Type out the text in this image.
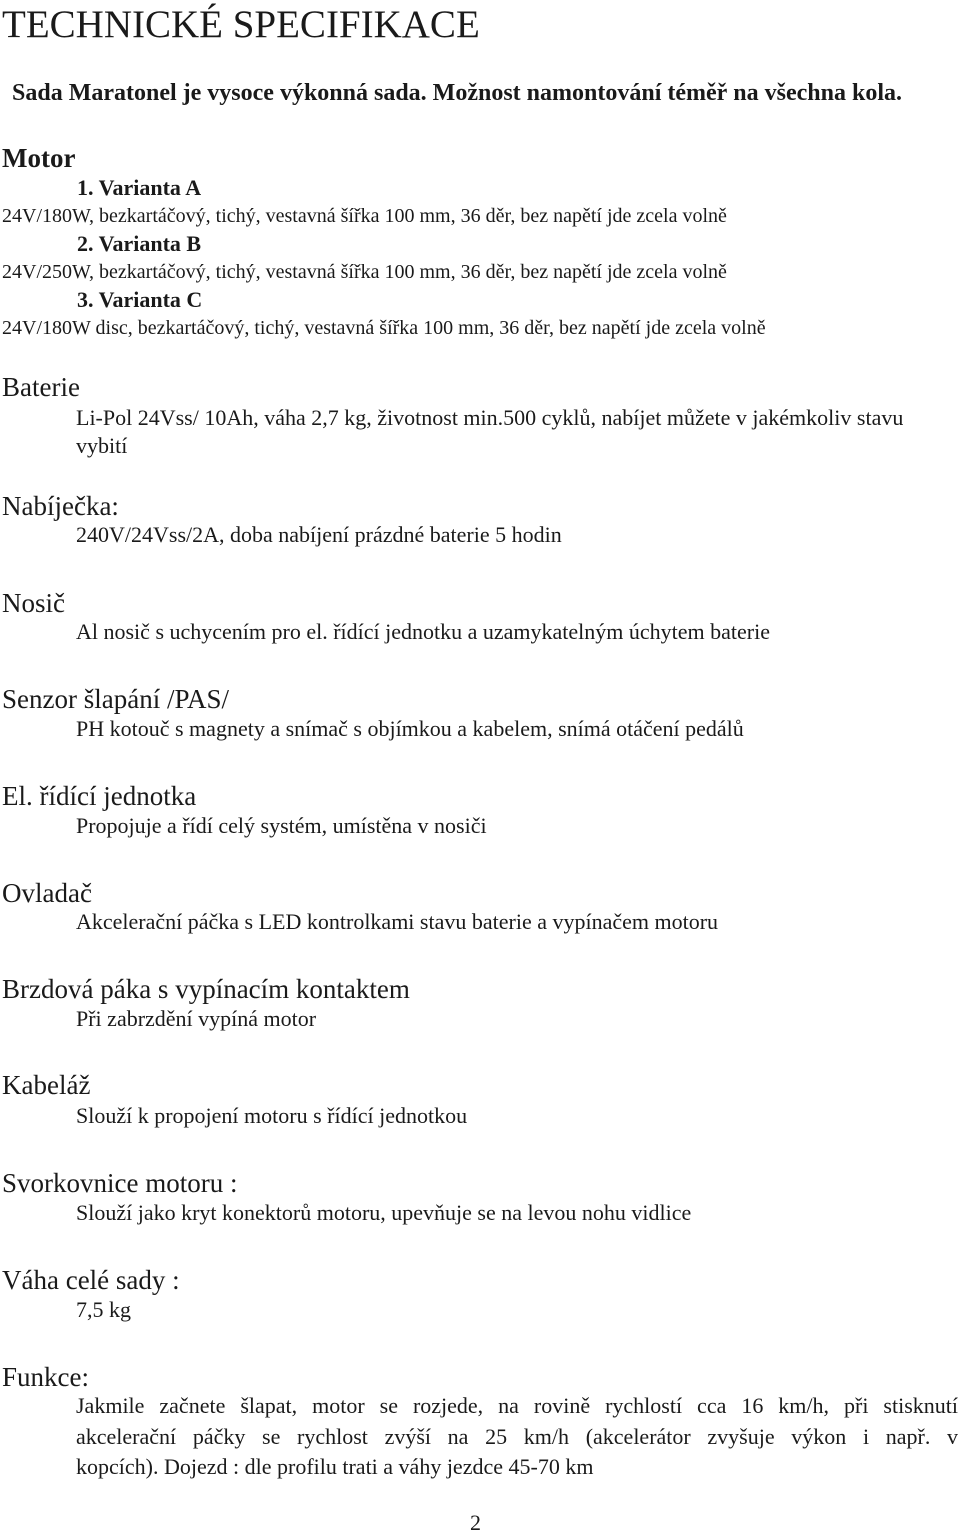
TECHNICKÉ SPECIFIKACE
Sada Maratonel je vysoce výkonná sada. Možnost namontování téměř na všechna kola.
Motor
1. Varianta A
24V/180W, bezkartáčový, tichý, vestavná šířka 100 mm, 36 děr, bez napětí jde zcela volně
2. Varianta B
24V/250W, bezkartáčový, tichý, vestavná šířka 100 mm, 36 děr, bez napětí jde zcela volně
3. Varianta C
24V/180W disc, bezkartáčový, tichý, vestavná šířka 100 mm, 36 děr, bez napětí jde zcela volně
Baterie
Li-Pol 24Vss/ 10Ah, váha 2,7 kg, životnost min.500 cyklů, nabíjet můžete v jakémkoliv stavu
vybití
Nabíječka:
240V/24Vss/2A, doba nabíjení prázdné baterie 5 hodin
Nosič
Al nosič s uchycením pro el. řídící jednotku a uzamykatelným úchytem baterie
Senzor šlapání /PAS/
PH kotouč s magnety a snímač s objímkou a kabelem, snímá otáčení pedálů
El. řídící jednotka
Propojuje a řídí celý systém, umístěna v nosiči
Ovladač
Akcelerační páčka s LED kontrolkami stavu baterie a vypínačem motoru
Brzdová páka s vypínacím kontaktem
Při zabrzdění vypíná motor
Kabeláž
Slouží k propojení motoru s řídící jednotkou
Svorkovnice motoru :
Slouží jako kryt konektorů motoru, upevňuje se na levou nohu vidlice
Váha celé sady :
7,5 kg
Funkce:
Jakmile začnete šlapat, motor se rozjede, na rovině rychlostí cca 16 km/h, při stisknutí
akcelerační páčky se rychlost zvýší na 25 km/h (akcelerátor zvyšuje výkon i např. v
kopcích). Dojezd : dle profilu trati a váhy jezdce 45-70 km
2
